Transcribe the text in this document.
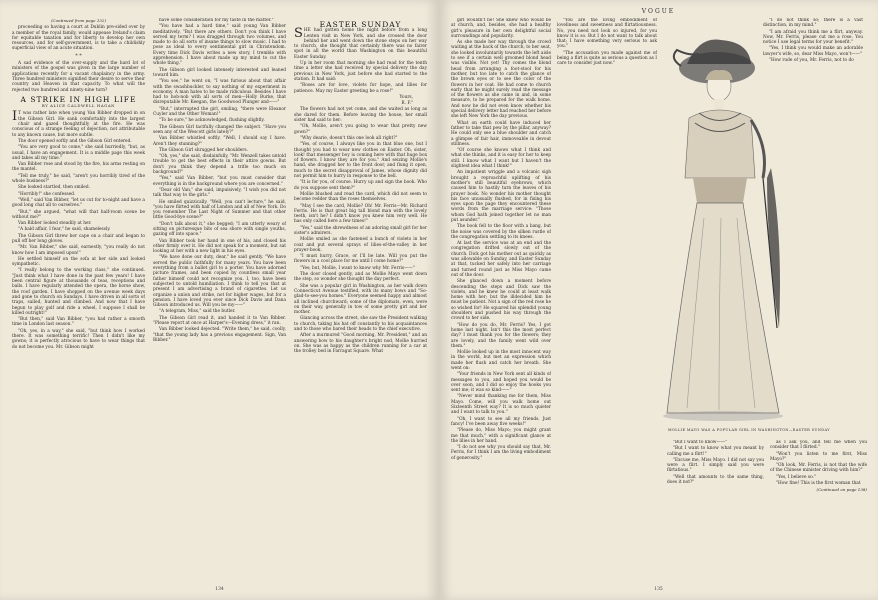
(Continued from page 132)

proceeding so having a court at Dublin pre-sided over by a member of the royal family, would appease Ireland's claim for equitable taxation and for liberty to develop her own resources, and for self-government, is to take a childishly superficial view of an acute situation.

* *

A sad evidence of the over-supply and the hard lot of ministers of the gospel was given in the large number of applications recently for a vacant chaplaincy in the army. Three hundred ministers signified their desire to serve their country and Heaven in that capacity. To what will the rejected two hundred and ninety-nine turn?

A STRIKE IN HIGH LIFE
BY ALICE CALDWELL HAGAN
I T was rather late when young Van Bibber dropped in on the Gibson Girl. He sank comfortably into the largest chair and gazed thoughtfully at the fire. He was conscious of a strange feeling of dejection, not attributable to any known cause, but more subtle.

The door opened softly and the Gibson Girl entered.

"You are very good to come," she said hurriedly, "but, as usual, I have an engagement. It is a middle page this week and takes all my time."

Van Bibber rose and stood by the fire, his arms resting on the mantel.

"Tell me truly," he said, "aren't you horribly tired of the whole business?"

She looked startled, then smiled.

"Horribly!" she confessed.

"Well," said Van Bibber, "let us cut for to-night and have a good long chat all to ourselves."

"But," she argued, "what will that half-room scene be without me?"

Van Bibber looked steadily at her.

"A bald affair, I fear," he said, shamelessly.

The Gibson Girl threw her cape on a chair and began to pull off her long gloves.

"Mr. Van Bibber," she said, earnestly, "you really do not know how I am imposed upon!"

He settled himself on the sofa at her side and looked sympathetic.

"I really belong to the working class," she continued. "Just think what I have done in the past few years! I have been central figure at thousands of teas, receptions and balls. I have regularly attended the opera, the horse show, the roof garden. I have shopped on the avenue week days and gone to church on Sundays. I have driven in all sorts of traps, sailed, hunted and climbed. And now that I have begun to play golf and ride a wheel, I suppose I shall be killed outright!"

"But then," said Van Bibber, "you had rather a smooth time in London last season."

"Oh, yes, in a way," she said, "but think how I worked there. It was something terrific! Then I didn't like my gowns; it is perfectly atrocious to have to wear things that do not become you. Mr. Gibson might

have some consideration for my taste in the matter."

"You have had a hard time," said young Van Bibber meditatively. "But there are others. Don't you think I have served my term? I was dragged through two volumes, and made to do all sorts of insane things to slow music. I had to pose as ideal to every sentimental girl in Christendom. Every time Dick Davis writes a new story, I tremble with apprehension. I have about made up my mind to cut the whole thing."

The Gibson girl looked intensely interested and leaned toward him.

"You see," he went on, "I was furious about that affair with the swashbuckler, to say nothing of my experiment in economy. A man hates to be made ridiculous. Besides I have had to hob-nob with all sorts of men—Holly Burke, that disreputable Mr. Keegan, the Goodwood Plunger and——"

"But," interrupted the girl, smiling, "there were Eleanor Cuyler and the Other Woman!"

"To be sure," he acknowledged, flushing slightly.

The Gibson Girl tactfully changed the subject. "Have you seen any of the Wescott girls lately?"

Van Bibber whistled softly. "Well, I should say I have. Aren't they stunning?"

The Gibson Girl shrugged her shoulders.

"Oh, yes," she said, disdainfully, "Mr. Wenzell takes untold trouble to get the best effects in their attire gowns. But don't you think they depend a trifle too much on background?"

"Yes," said Van Bibber, "but you must consider that everything is in the background where you are concerned."

"Dear old Van," she said, impulsively, "I wish you did not talk that way to the girls."

He smiled quizzically. "Well, you can't lecture," he said, "you have flirted with half of London and all of New York. Do you remember The Last Night of Summer and that other little Good-bye scene?"

"Don't talk about it," she begged; "I am utterly weary of sitting on picturesque bits of sea shore with single youths, gazing off into space."

Van Bibber took her hand in one of his, and closed his other firmly over it. He did not speak for a moment, but sat looking at her with a new light in his eyes.

"We have done our duty, dear," he said gently. "We have served the public faithfully for many years. You have been everything from a ballet girl to a porter. You have adorned picture frames, and been copied by countless small year father himself could not recognize you. I, too, have been subjected to untold humiliation. I think to tell you that at present I am advertising a brand of cigarettes. Let us organize a union and strike, not for higher wages, but for a pension. I have loved you ever since Dick Davis and Dana Gibson introduced us. Will you be my——"

"A telegram, Miss," said the butler.

The Gibson Girl read it, and handed it to Van Bibber. "Please report at once at Harper's—Evening dress," it ran.

Van Bibber looked dejected. "Write them," he said, coolly, "that the young lady has a previous engagement. Sign, Van Bibber."

EASTER SUNDAY
S HE had gotten home the night before from a long Lenten visit in New York, and she crossed the door behind her and went down the stone steps on her way to church, she thought that certainly there was no fairer spot in all the world than Washington on this beautiful Easter Sunday.

Up in her room that morning she had read for the tenth time a letter she had received by special delivery the day previous in New York, just before she had started to the station. It had said:

"Roses are for love, violets for hope, and lilies for patience. May my Easter greeting be a rose!"

Yours,
R. F."

The flowers had not yet come, and she waited as long as she dared for them. Before leaving the house, her small sister had said to her:

"Oh, Mollie, aren't you going to wear that pretty new gown?"

"Why dearie, doesn't this one look all right?"

"Yes, of course, I always like you in that blue one, but I thought you had to wear new clothes on Easter. Oh, sister, look! that messenger boy is coming here with that huge box of flowers. I know they are for you." And seizing Mollie's hand, she dragged her to the front door, and flung it open, much to the secret disapproval of James, whose dignity did not permit him to hurry in response to the bell.

"It is for you, of course. Hurry up and sign the book. Who do you suppose sent them?"

Mollie blushed and read the card, which did not seem to become redder than the roses themselves.

"May I see the card, Mollie? Oh! Mr. Ferris—Mr. Richard Ferris. He is that great big tall blond man with the lovely teeth, isn't he? I didn't know you knew him very well. He has only called here a few times!"

"Yes," said the shrewdness of an adoring small girl for her sister's admirers.

Mollie smiled as she fastened a bunch of violets in her coat and put several sprays of lilies-of-the-valley in her prayer-book.

"I must hurry, Grace, or I'll be late. Will you put the flowers in a cool place for me until I come home?"

"Yes; but, Mollie, I want to know why Mr. Ferris——"

The door closed gently, and as Mollie Mayo went down the step, so wonder she thought the day perfect.

She was a popular girl in Washington, as her walk down Connecticut Avenue testified, with its many bows and "So-glad-to-see-you homes." Everyone seemed happy and almost all inclined churchward; some of the diplomats, even, were on their way, generally in tow of some pretty girl and her mother.

Glancing across the street, she saw the President walking to church, taking his hat off constantly to his acquaintances and to those who bared their heads to the chief executive.

After a murmured "Good morning, Mr. President," and an answering bow to his daughter's bright nod, Mollie hurried on. She was as happy as the children running for a car at the trolley bed in Farragut Square. What

134
VOGUE

girl wouldn't be! She knew who would be at church, and, besides, she had a healthy girl's pleasure in her own delightful social surroundings and popularity.

As she made her way through the crowd waiting at the back of the church, to her seat, she looked involuntarily towards the left aisle to see if a certain well groomed blond head was visible. Not yet! Thy comes the blond head from arranging a foot-stool for his mother, but too late to catch the glance of the brown eyes or to see the color of the flowers in her coat. He had come to church early that he might surely read the message of the flowers as she came in and, in some measure, to be prepared for the walk home. And now he did not even know whether his special delivery letter had reached her before she left New York the day previous.

What on earth could have induced her father to take that pew by the pillar, anyway? He could only see a blue shoulder and catch a glimpse of fair hair, immoveable in devout stillness.

"Of course she knows what I think and what she thinks, and it is easy for her to keep still. I know what I want but I haven't the slightest idea what I think!"

An impatient wriggle and a volcanic sigh brought a reproachful uplifting of his mother's still beautiful eyebrows, which caused him to hastily turn the leaves of his prayer book. No wonder his mother thought his face unusually flushed, for in fixing his eyes upon the page they encountered these words from the marriage service: "Those whom God hath joined together let no man put asunder."

The book fell to the floor with a bang, but the noise was covered by the silken rustle of the congregation settling to its knees.

At last the service was at an end and the congregation drifted slowly out of the church. Dick got his mother out as quickly as was allowable on Sunday, and Easter Sunday at that, tucked her safely into her carriage and turned round just as Miss Mayo came out of the door.

She glanced down a moment before descending the steps and Dick saw the violets, and he knew he could at least walk home with her; but the illdecided him he must be patient. Not a sign of the red rose he so wished for! He squared his splendid young shoulders and pushed his way through the crowd to her side.

"How do you do, Mr. Ferris? Yes, I got home last night. Isn't this the most perfect day? I must thank you for the flowers; they are lovely, and the family went wild over them."

Mollie looked up in the most innocent way in the world, but met an expression which made her flush and catch her breath. She went on:

"Your friends in New York sent all kinds of messages to you, and hoped you would be over soon, and I did so enjoy the books you sent me; it was so kind——"

"Never mind thanking me for them, Miss Mayo. Come, will you walk home out Sixteenth Street way? It is so much quieter and I want to talk to you."

"Oh, I want to see all my friends. Just fancy! I've been away five weeks!"

"Please do, Miss Mayo; you might grant me that much," with a significant glance at the lilies in her hand.

"I do not see why you should say that, Mr. Ferris, for I think I am the living embodiment of generosity."

"You are the living embodiment of loveliness and sweetness and flirtatiousness. No, you need not look so injured, for you know it is so. But I do not want to talk about that; I have something very serious to ask you."

"The accusation you made against me of being a flirt is quite as serious a question as I care to consider just now."

"I do not think so; there is a vast distinction, in my mind."

"I am afraid you think me a flirt, anyway. Now, Mr. Ferris, please cut me a rose. You notice I use legal terms for your benefit."

"Yes, I think you would make an adorable lawyer's wife, so, dear Miss Mayo, won't——"

"How rude of you, Mr. Ferris, not to do

MOLLIE MAYO WAS A POPULAR GIRL IN WASHINGTON—EASTER SUNDAY

"But I want to know——"

"But I want to know what you meant by calling me a flirt!"

"Excuse me, Miss Mayo. I did not say you were a flirt. I simply said you were flirtatious."

"Well that amounts to the same thing, does it not?"

as I ask you, and tell me when you consider that I flirted."

"Won't you listen to me first, Miss Mayo?"

"Oh look, Mr. Ferris, is not that the wife of the Chinese minister driving with him?"

"Yes, I believe so."

"How fine! This is the first woman that

(Continued on page 138)
135
